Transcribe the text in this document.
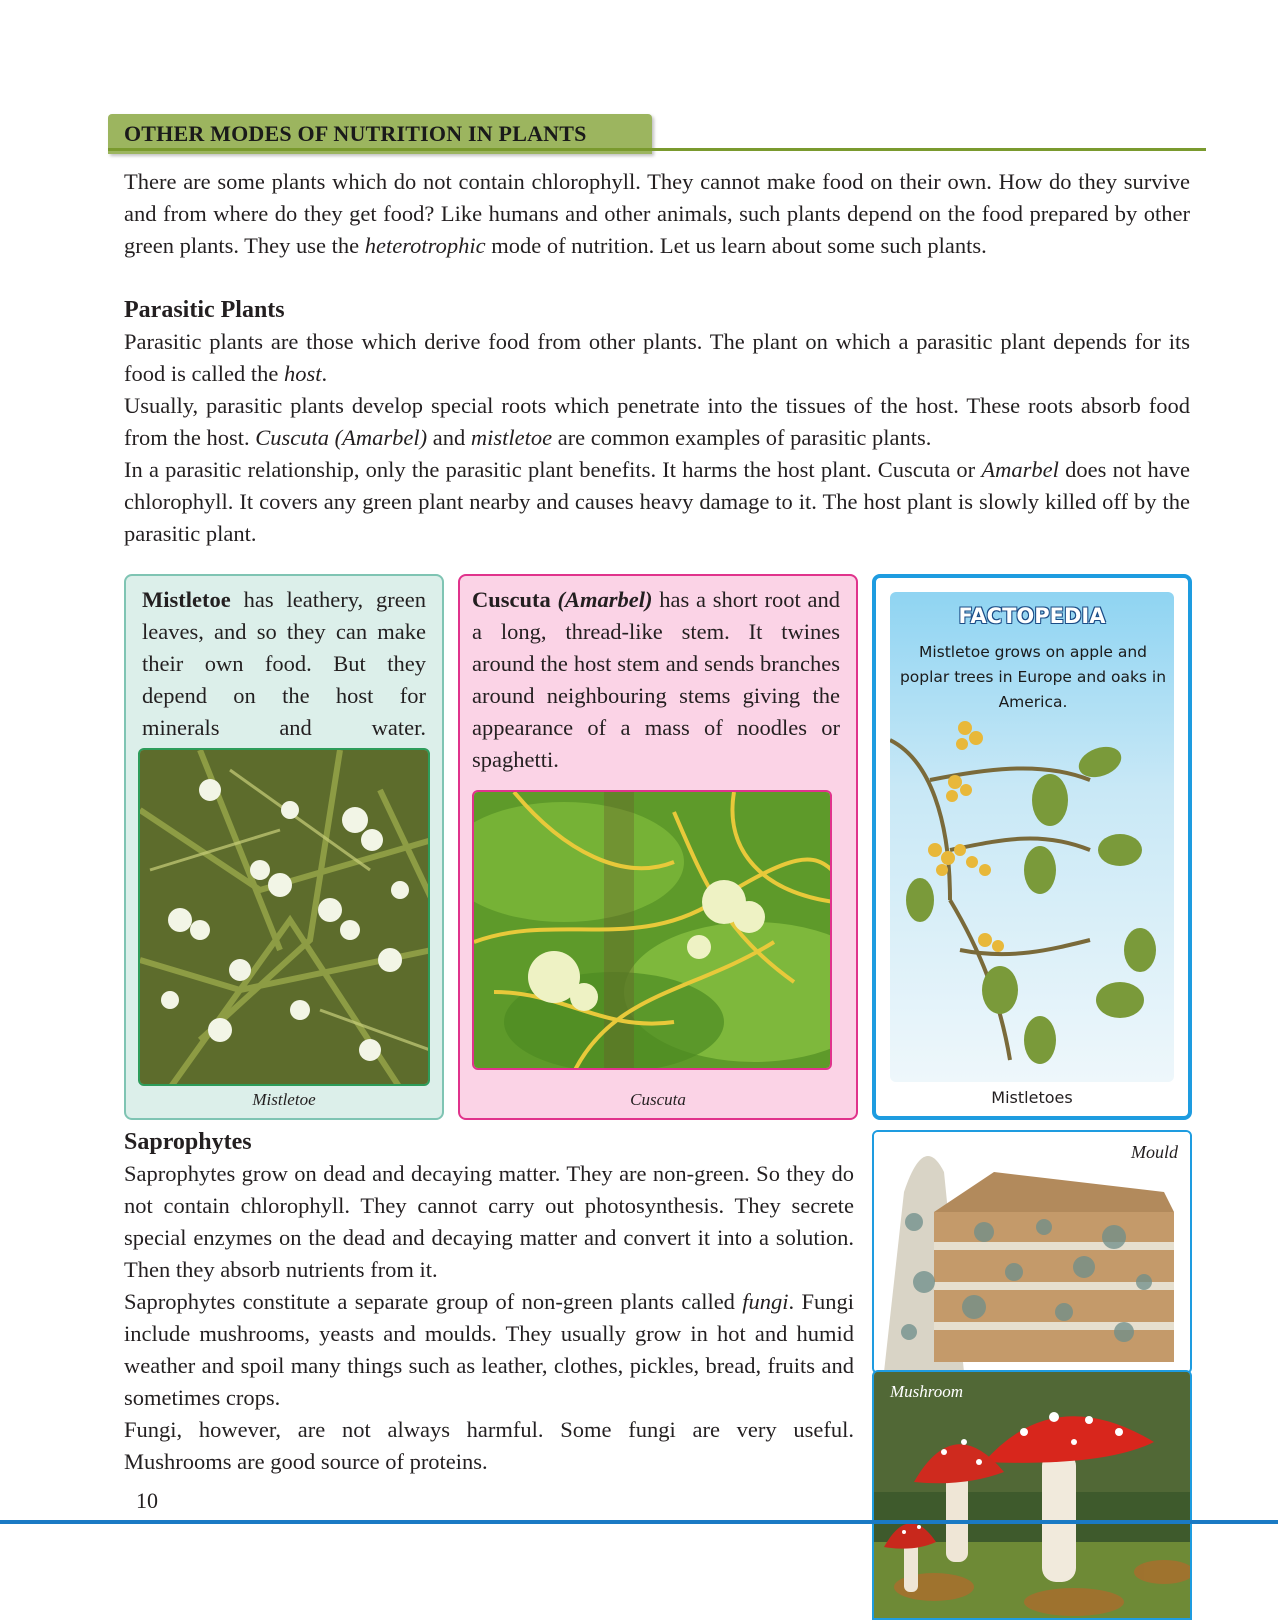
OTHER MODES OF NUTRITION IN PLANTS
There are some plants which do not contain chlorophyll. They cannot make food on their own. How do they survive and from where do they get food? Like humans and other animals, such plants depend on the food prepared by other green plants. They use the heterotrophic mode of nutrition. Let us learn about some such plants.
Parasitic Plants
Parasitic plants are those which derive food from other plants. The plant on which a parasitic plant depends for its food is called the host.
Usually, parasitic plants develop special roots which penetrate into the tissues of the host. These roots absorb food from the host. Cuscuta (Amarbel) and mistletoe are common examples of parasitic plants.
In a parasitic relationship, only the parasitic plant benefits. It harms the host plant. Cuscuta or Amarbel does not have chlorophyll. It covers any green plant nearby and causes heavy damage to it. The host plant is slowly killed off by the parasitic plant.
Mistletoe has leathery, green leaves, and so they can make their own food. But they depend on the host for minerals and water.
Mistletoe
Cuscuta (Amarbel) has a short root and a long, thread-like stem. It twines around the host stem and sends branches around neighbouring stems giving the appearance of a mass of noodles or spaghetti.
Cuscuta
FACTOPEDIA
Mistletoe grows on apple and poplar trees in Europe and oaks in America.
Mistletoes
Saprophytes
Saprophytes grow on dead and decaying matter. They are non-green. So they do not contain chlorophyll. They cannot carry out photosynthesis. They secrete special enzymes on the dead and decaying matter and convert it into a solution. Then they absorb nutrients from it.
Saprophytes constitute a separate group of non-green plants called fungi. Fungi include mushrooms, yeasts and moulds. They usually grow in hot and humid weather and spoil many things such as leather, clothes, pickles, bread, fruits and sometimes crops.
Fungi, however, are not always harmful. Some fungi are very useful. Mushrooms are good source of proteins.
Mould
Mushroom
10
